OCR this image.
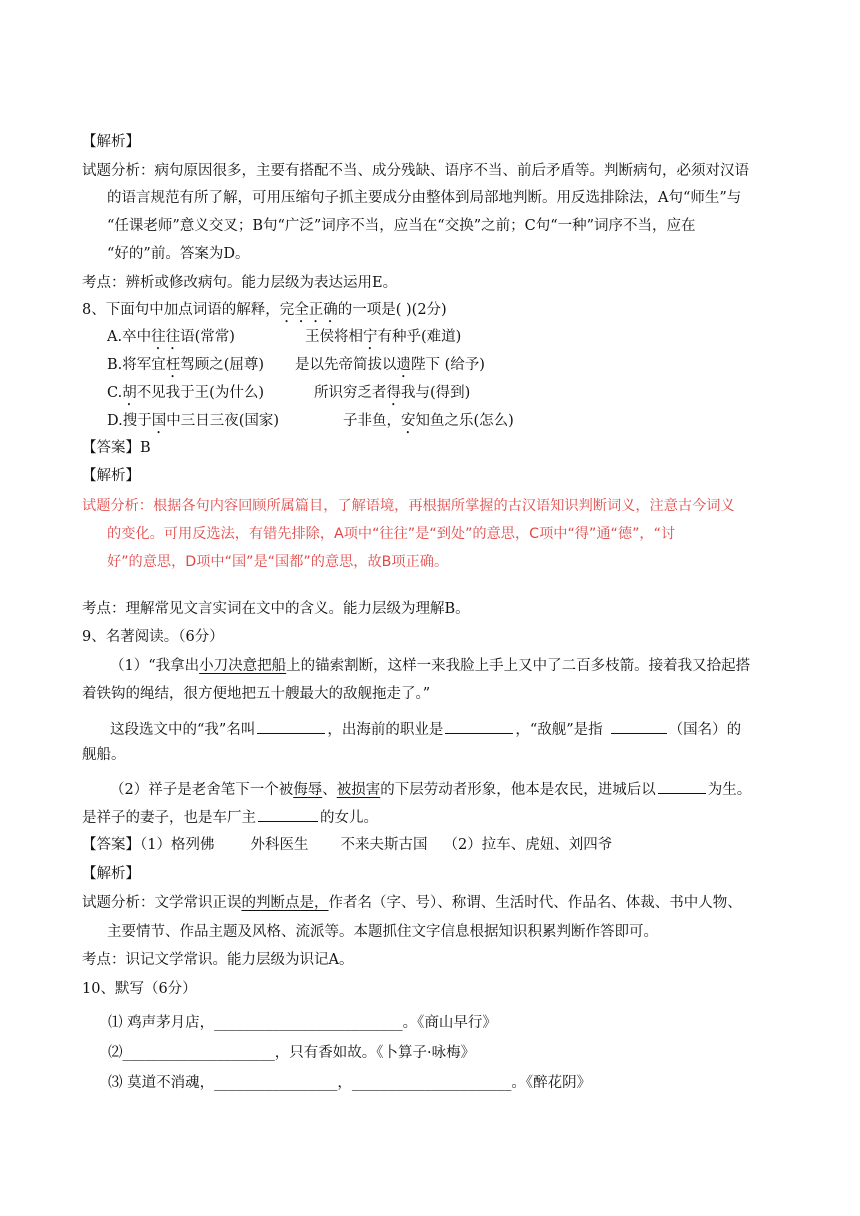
【解析】
试题分析：病句原因很多，主要有搭配不当、成分残缺、语序不当、前后矛盾等。判断病句，必须对汉语
的语言规范有所了解，可用压缩句子抓主要成分由整体到局部地判断。用反选排除法，A句“师生”与
“任课老师”意义交叉；B句“广泛”词序不当，应当在“交换”之前；C句“一种”词序不当，应在
“好的”前。答案为D。
考点：辨析或修改病句。能力层级为表达运用E。
8、下面句中加点词语的解释，完全正确的一项是( )(2分)
A.卒中往往语(常常)	王侯将相宁有种乎(难道)
B.将军宜枉驾顾之(屈尊) 是以先帝简拔以遗陛下 (给予)
C.胡不见我于王(为什么)	所识穷乏者得我与(得到)
D.搜于国中三日三夜(国家)	子非鱼，安知鱼之乐(怎么)
【答案】B
【解析】
试题分析：根据各句内容回顾所属篇目，了解语境，再根据所掌握的古汉语知识判断词义，注意古今词义
的变化。可用反选法，有错先排除，A项中“往往”是“到处”的意思，C项中“得”通“德”，“讨
好”的意思，D项中“国”是“国都”的意思，故B项正确。
考点：理解常见文言实词在文中的含义。能力层级为理解B。
9、名著阅读。（6分）
（1）“我拿出小刀决意把船上的锚索割断，这样一来我脸上手上又中了二百多枝箭。接着我又拾起搭
着铁钩的绳结，很方便地把五十艘最大的敌舰拖走了。”
这段选文中的“我”名叫	，出海前的职业是	，“敌舰”是指	（国名）的
舰船。
（2）祥子是老舍笔下一个被侮辱、被损害的下层劳动者形象，他本是农民，进城后以	为生。
是祥子的妻子，也是车厂主	的女儿。
【答案】（1）格列佛 外科医生 不来夫斯古国 （2）拉车、虎妞、刘四爷
【解析】
试题分析：文学常识正误的判断点是，作者名（字、号）、称谓、生活时代、作品名、体裁、书中人物、
主要情节、作品主题及风格、流派等。本题抓住文字信息根据知识积累判断作答即可。
考点：识记文学常识。能力层级为识记A。
10、默写（6分）
⑴ 鸡声茅月店，__________________________。《商山早行》
⑵_____________________，只有香如故。《卜算子·咏梅》
⑶ 莫道不消魂，_________________，______________________。《醉花阴》
